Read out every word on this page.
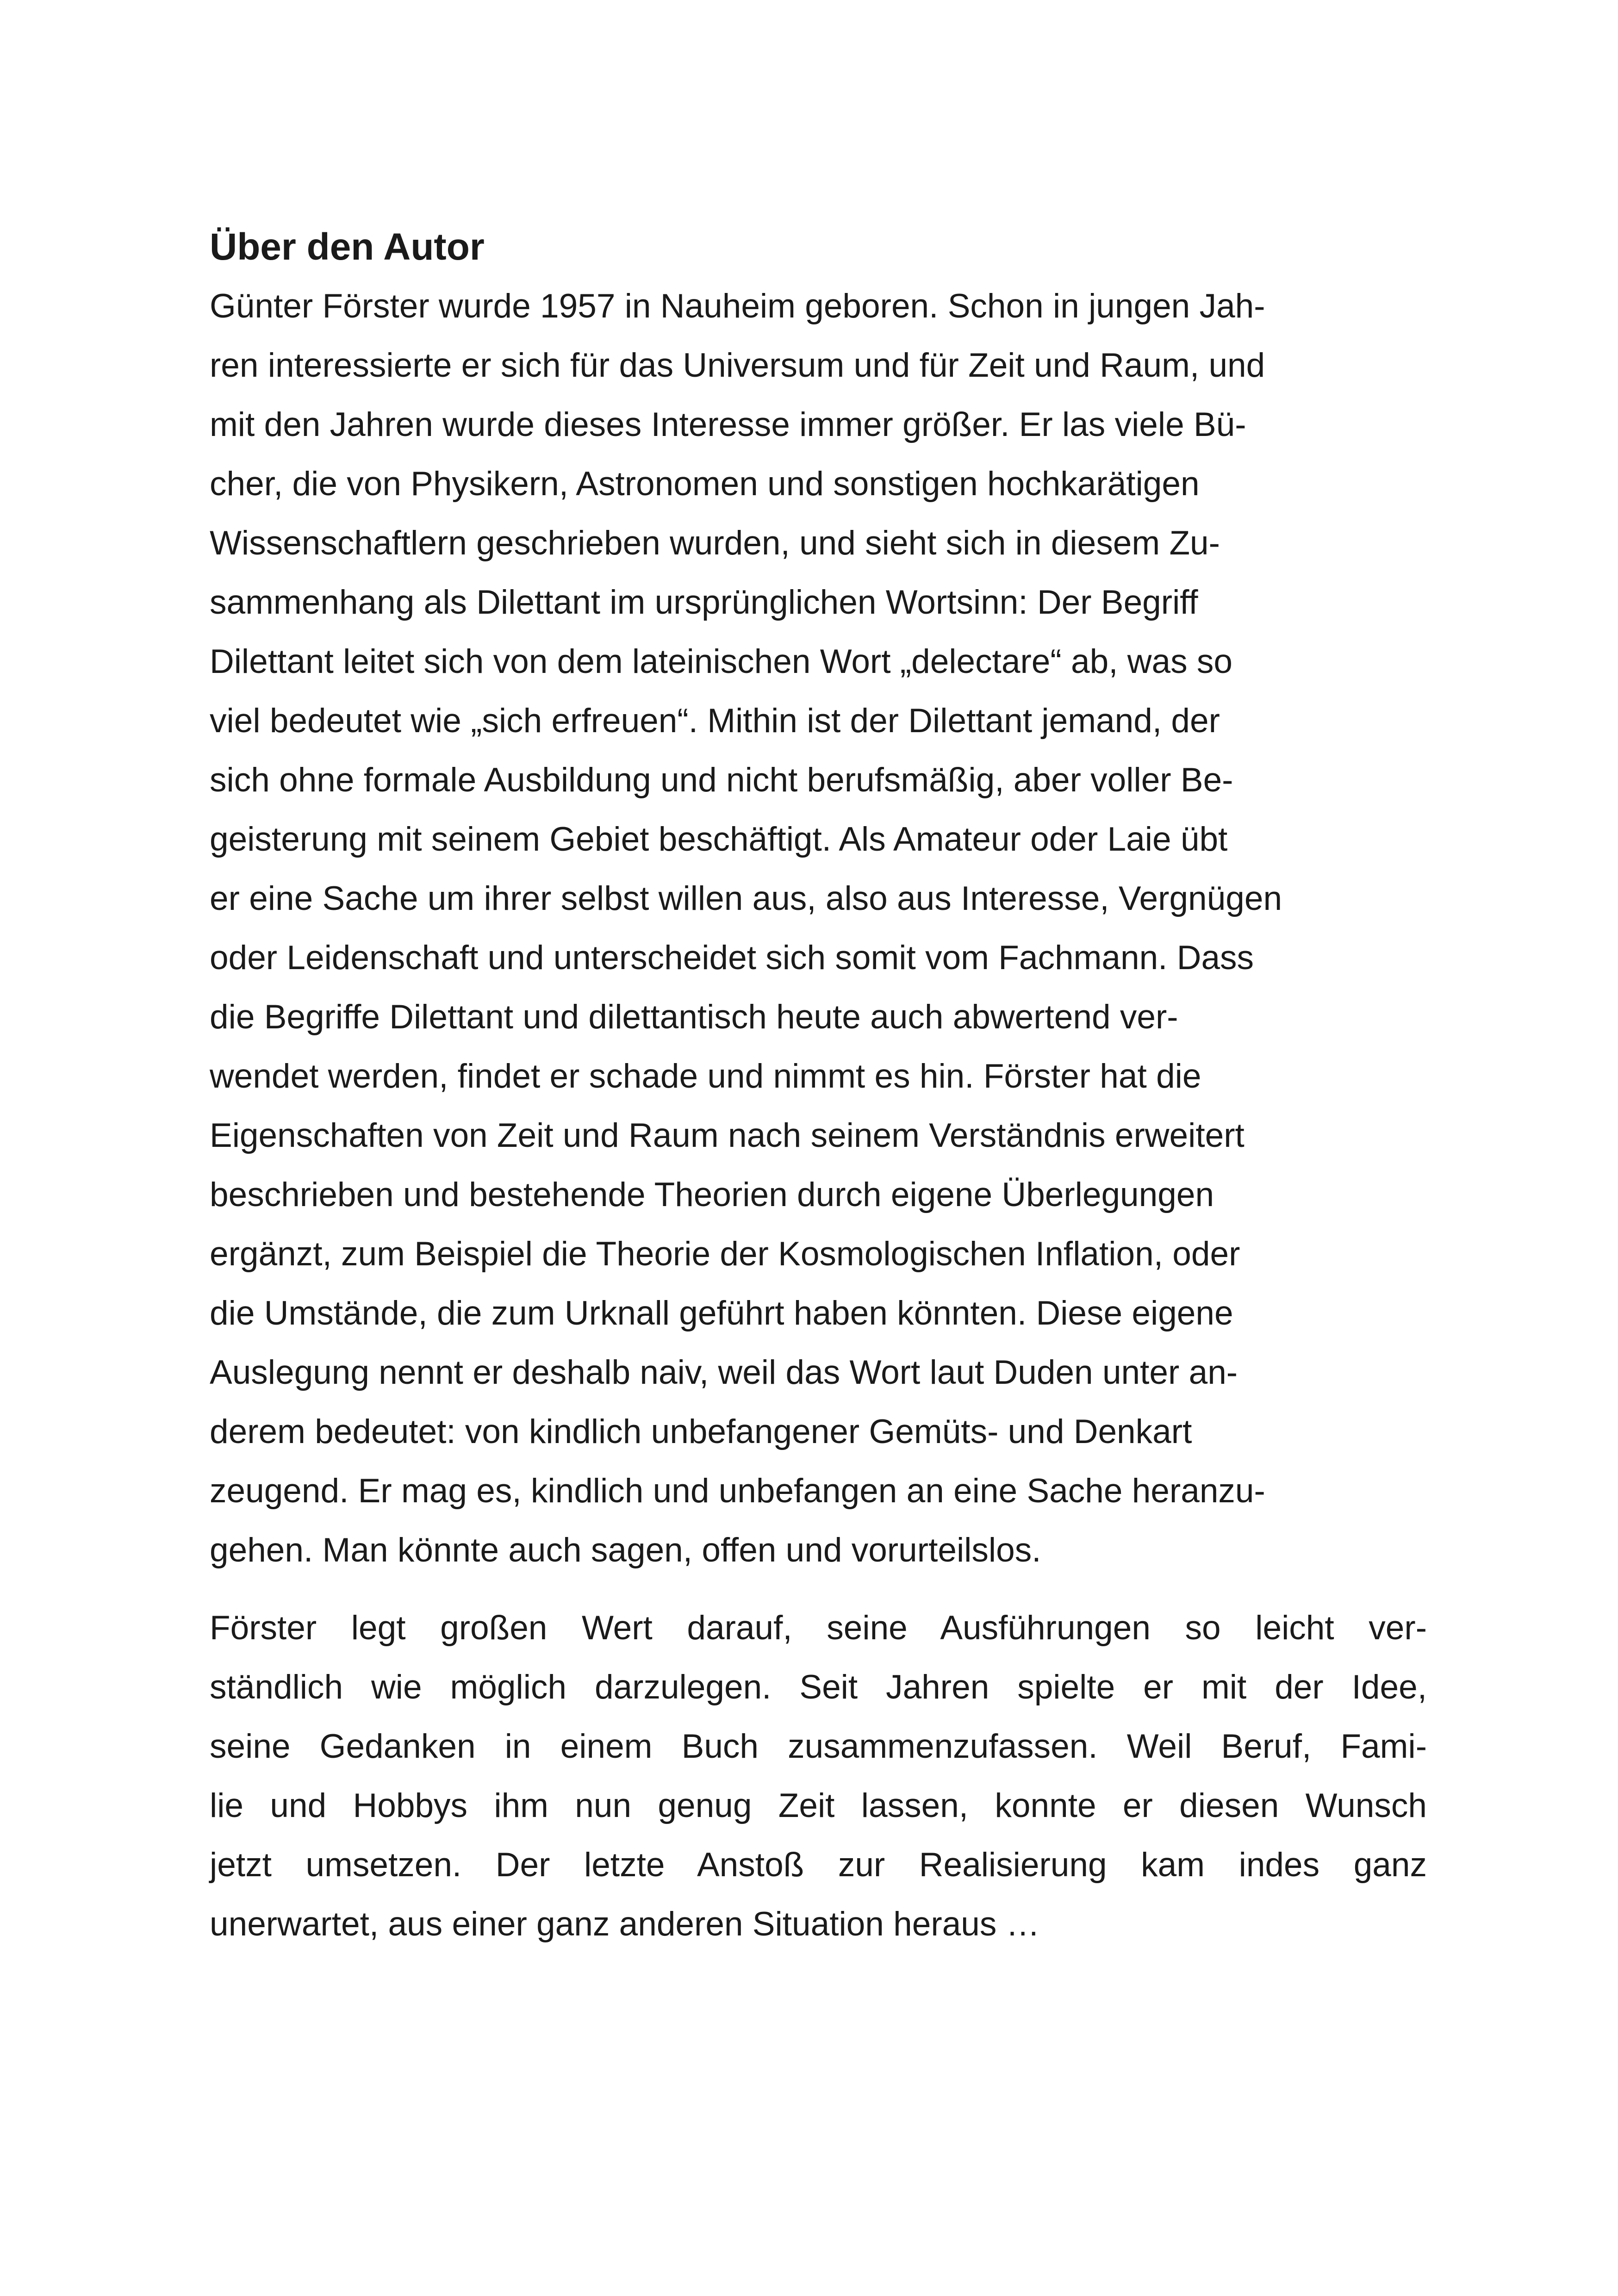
Über den Autor
Günter Förster wurde 1957 in Nauheim geboren. Schon in jungen Jah-
ren interessierte er sich für das Universum und für Zeit und Raum, und
mit den Jahren wurde dieses Interesse immer größer. Er las viele Bü-
cher, die von Physikern, Astronomen und sonstigen hochkarätigen
Wissenschaftlern geschrieben wurden, und sieht sich in diesem Zu-
sammenhang als Dilettant im ursprünglichen Wortsinn: Der Begriff
Dilettant leitet sich von dem lateinischen Wort „delectare“ ab, was so
viel bedeutet wie „sich erfreuen“. Mithin ist der Dilettant jemand, der
sich ohne formale Ausbildung und nicht berufsmäßig, aber voller Be-
geisterung mit seinem Gebiet beschäftigt. Als Amateur oder Laie übt
er eine Sache um ihrer selbst willen aus, also aus Interesse, Vergnügen
oder Leidenschaft und unterscheidet sich somit vom Fachmann. Dass
die Begriffe Dilettant und dilettantisch heute auch abwertend ver-
wendet werden, findet er schade und nimmt es hin. Förster hat die
Eigenschaften von Zeit und Raum nach seinem Verständnis erweitert
beschrieben und bestehende Theorien durch eigene Überlegungen
ergänzt, zum Beispiel die Theorie der Kosmologischen Inflation, oder
die Umstände, die zum Urknall geführt haben könnten. Diese eigene
Auslegung nennt er deshalb naiv, weil das Wort laut Duden unter an-
derem bedeutet: von kindlich unbefangener Gemüts- und Denkart
zeugend. Er mag es, kindlich und unbefangen an eine Sache heranzu-
gehen. Man könnte auch sagen, offen und vorurteilslos.
Förster legt großen Wert darauf, seine Ausführungen so leicht ver-
ständlich wie möglich darzulegen. Seit Jahren spielte er mit der Idee,
seine Gedanken in einem Buch zusammenzufassen. Weil Beruf, Fami-
lie und Hobbys ihm nun genug Zeit lassen, konnte er diesen Wunsch
jetzt umsetzen. Der letzte Anstoß zur Realisierung kam indes ganz
unerwartet, aus einer ganz anderen Situation heraus …
